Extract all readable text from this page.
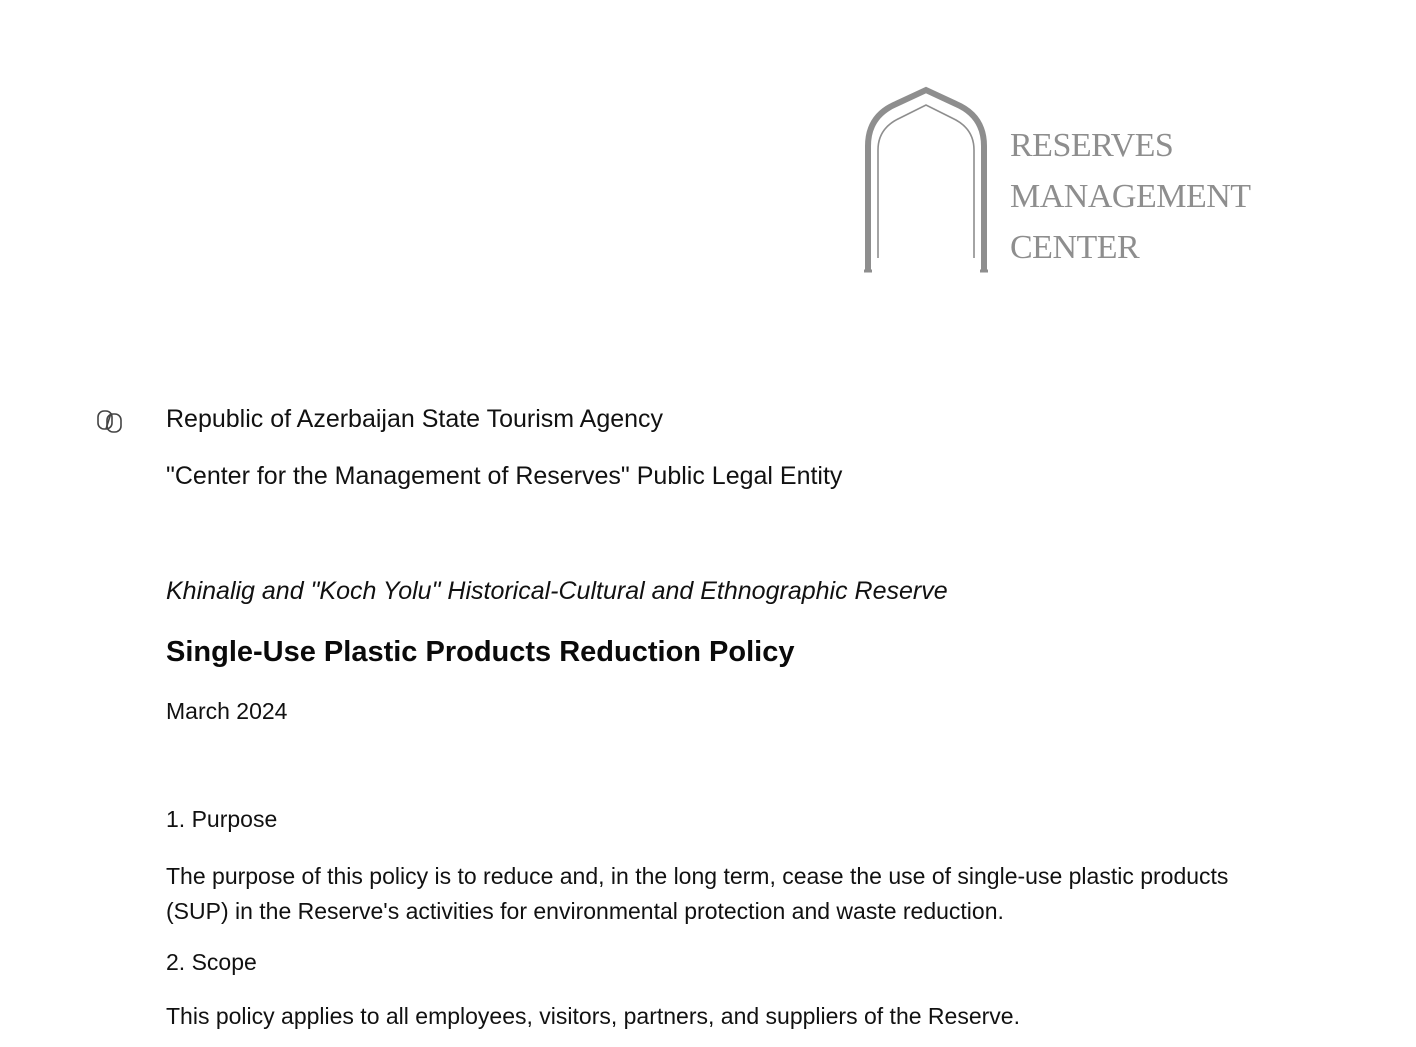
RESERVES
MANAGEMENT
CENTER
Republic of Azerbaijan State Tourism Agency
"Center for the Management of Reserves" Public Legal Entity
Khinalig and "Koch Yolu" Historical-Cultural and Ethnographic Reserve
Single-Use Plastic Products Reduction Policy
March 2024
1. Purpose
The purpose of this policy is to reduce and, in the long term, cease the use of single-use plastic products (SUP) in the Reserve's activities for environmental protection and waste reduction.
2. Scope
This policy applies to all employees, visitors, partners, and suppliers of the Reserve.
